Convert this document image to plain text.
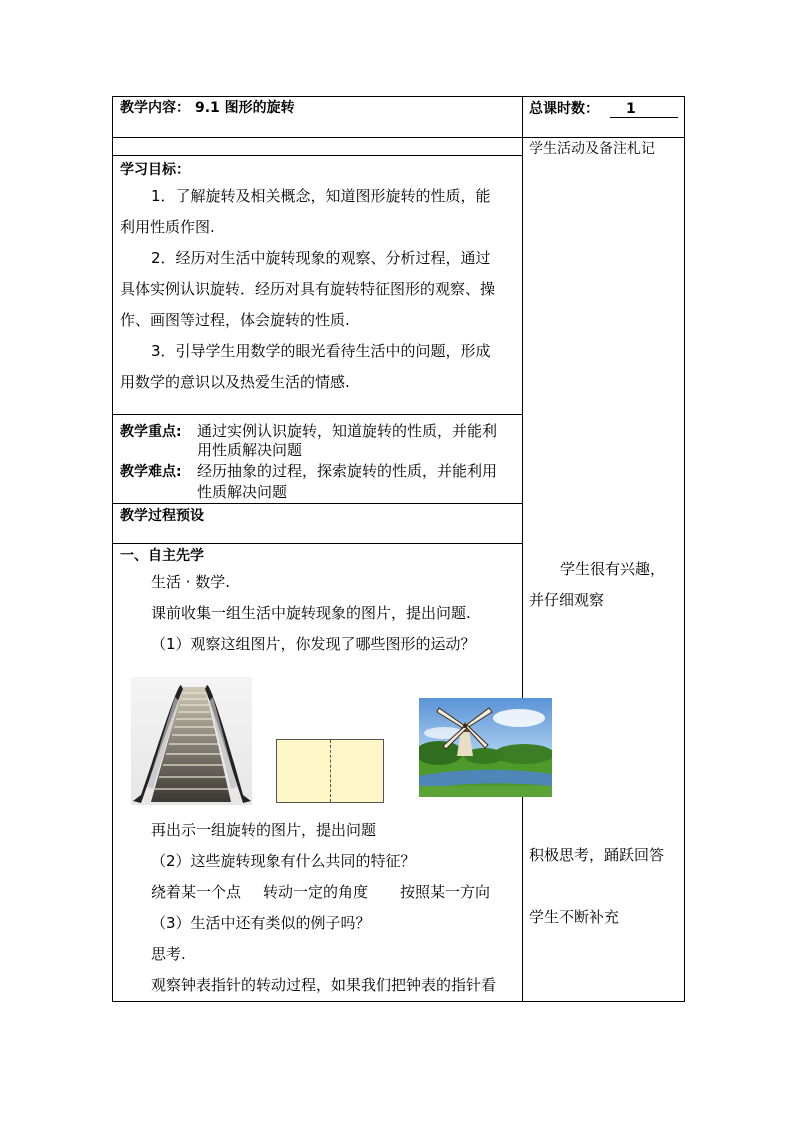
教学内容： 9.1 图形的旋转	总课时数： 1
学生活动及备注札记
学生很有兴趣，
并仔细观察
积极思考，踊跃回答
学生不断补充
学习目标：
1．了解旋转及相关概念，知道图形旋转的性质，能
利用性质作图.
2．经历对生活中旋转现象的观察、分析过程，通过
具体实例认识旋转．经历对具有旋转特征图形的观察、操
作、画图等过程，体会旋转的性质.
3．引导学生用数学的眼光看待生活中的问题，形成
用数学的意识以及热爱生活的情感.
教学重点: 通过实例认识旋转，知道旋转的性质，并能利
用性质解决问题
教学难点: 经历抽象的过程，探索旋转的性质，并能利用
性质解决问题
教学过程预设
一、自主先学
生活 · 数学.
课前收集一组生活中旋转现象的图片，提出问题.
（1）观察这组图片，你发现了哪些图形的运动？
再出示一组旋转的图片，提出问题
（2）这些旋转现象有什么共同的特征？
绕着某一个点 转动一定的角度 按照某一方向
（3）生活中还有类似的例子吗？
思考.
观察钟表指针的转动过程，如果我们把钟表的指针看
